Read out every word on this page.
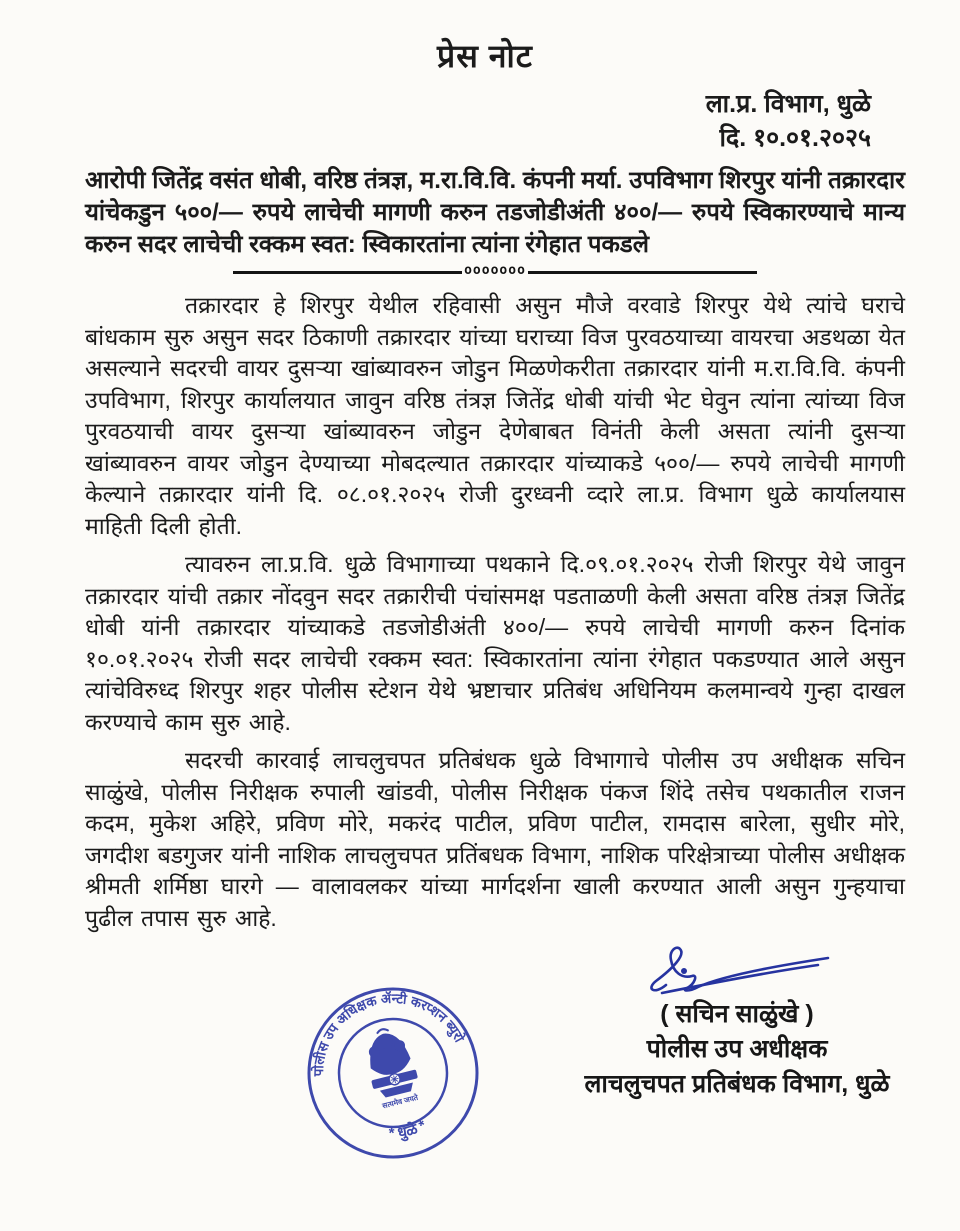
प्रेस नोट
ला.प्र. विभाग, धुळे
दि. १०.०१.२०२५

आरोपी जितेंद्र वसंत धोबी, वरिष्ठ तंत्रज्ञ, म.रा.वि.वि. कंपनी मर्या. उपविभाग शिरपुर यांनी तक्रारदार यांचेकडुन ५००/— रुपये लाचेची मागणी करुन तडजोडीअंती ४००/— रुपये स्विकारण्याचे मान्य करुन सदर लाचेची रक्कम स्वत: स्विकारतांना त्यांना रंगेहात पकडले

ooooooo

तक्रारदार हे शिरपुर येथील रहिवासी असुन मौजे वरवाडे शिरपुर येथे त्यांचे घराचे बांधकाम सुरु असुन सदर ठिकाणी तक्रारदार यांच्या घराच्या विज पुरवठयाच्या वायरचा अडथळा येत असल्याने सदरची वायर दुसऱ्या खांब्यावरुन जोडुन मिळणेकरीता तक्रारदार यांनी म.रा.वि.वि. कंपनी उपविभाग, शिरपुर कार्यालयात जावुन वरिष्ठ तंत्रज्ञ जितेंद्र धोबी यांची भेट घेवुन त्यांना त्यांच्या विज पुरवठयाची वायर दुसऱ्या खांब्यावरुन जोडुन देणेबाबत विनंती केली असता त्यांनी दुसऱ्या खांब्यावरुन वायर जोडुन देण्याच्या मोबदल्यात तक्रारदार यांच्याकडे ५००/— रुपये लाचेची मागणी केल्याने तक्रारदार यांनी दि. ०८.०१.२०२५ रोजी दुरध्वनी व्दारे ला.प्र. विभाग धुळे कार्यालयास माहिती दिली होती.

त्यावरुन ला.प्र.वि. धुळे विभागाच्या पथकाने दि.०९.०१.२०२५ रोजी शिरपुर येथे जावुन तक्रारदार यांची तक्रार नोंदवुन सदर तक्रारीची पंचांसमक्ष पडताळणी केली असता वरिष्ठ तंत्रज्ञ जितेंद्र धोबी यांनी तक्रारदार यांच्याकडे तडजोडीअंती ४००/— रुपये लाचेची मागणी करुन दिनांक १०.०१.२०२५ रोजी सदर लाचेची रक्कम स्वत: स्विकारतांना त्यांना रंगेहात पकडण्यात आले असुन त्यांचेविरुध्द शिरपुर शहर पोलीस स्टेशन येथे भ्रष्टाचार प्रतिबंध अधिनियम कलमान्वये गुन्हा दाखल करण्याचे काम सुरु आहे.

सदरची कारवाई लाचलुचपत प्रतिबंधक धुळे विभागाचे पोलीस उप अधीक्षक सचिन साळुंखे, पोलीस निरीक्षक रुपाली खांडवी, पोलीस निरीक्षक पंकज शिंदे तसेच पथकातील राजन कदम, मुकेश अहिरे, प्रविण मोरे, मकरंद पाटील, प्रविण पाटील, रामदास बारेला, सुधीर मोरे, जगदीश बडगुजर यांनी नाशिक लाचलुचपत प्रतिंबधक विभाग, नाशिक परिक्षेत्राच्या पोलीस अधीक्षक श्रीमती शर्मिष्ठा घारगे — वालावलकर यांच्या मार्गदर्शना खाली करण्यात आली असुन गुन्हयाचा पुढील तपास सुरु आहे.

पोलीस उप अधिक्षक ॲन्टी करप्शन ब्युरो
* धुळे *
सत्यमेव जयते
( सचिन साळुंखे )
पोलीस उप अधीक्षक
लाचलुचपत प्रतिबंधक विभाग, धुळे
